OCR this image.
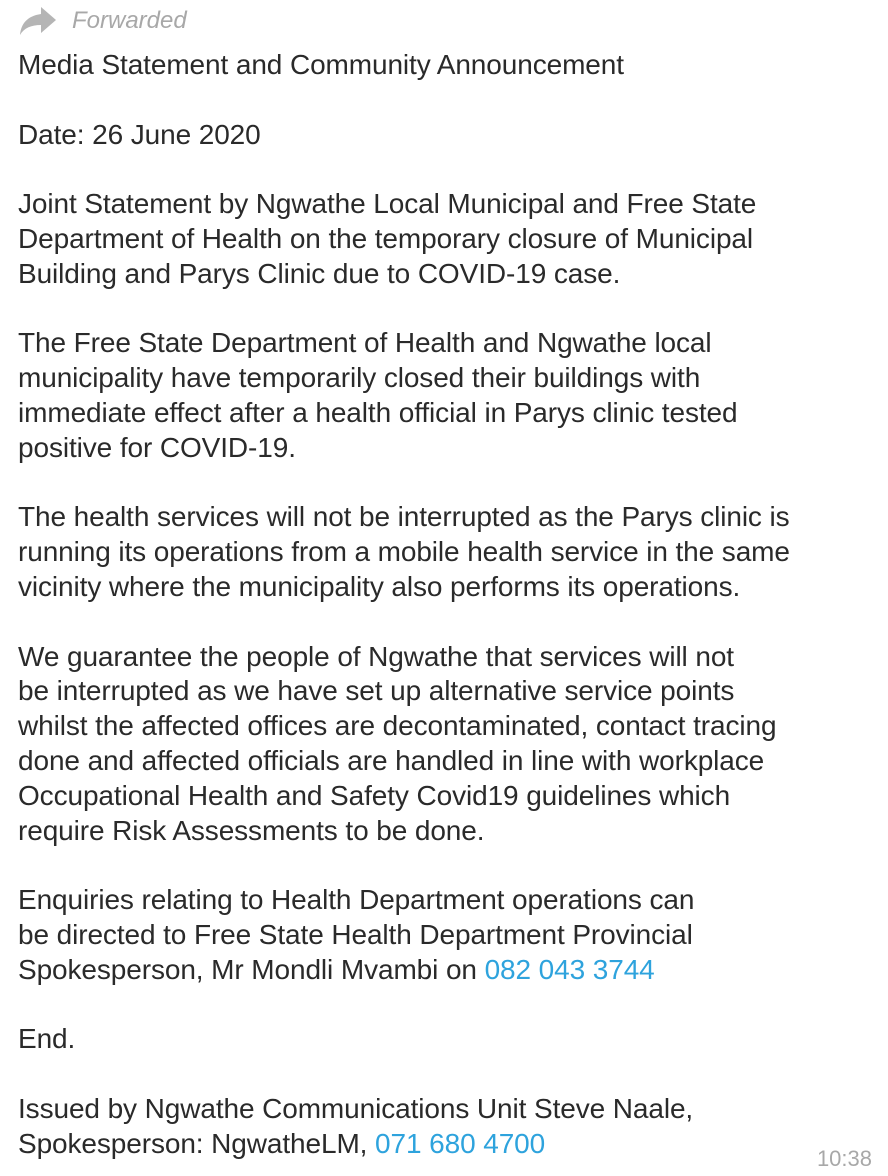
Forwarded

Media Statement and Community Announcement

Date: 26 June 2020

Joint Statement by Ngwathe Local Municipal and Free State
Department of Health on the temporary closure of Municipal
Building and Parys Clinic due to COVID-19 case.

The Free State Department of Health and Ngwathe local
municipality have temporarily closed their buildings with
immediate effect after a health official in Parys clinic tested
positive for COVID-19.

The health services will not be interrupted as the Parys clinic is
running its operations from a mobile health service in the same
vicinity where the municipality also performs its operations.

We guarantee the people of Ngwathe that services will not
be interrupted as we have set up alternative service points
whilst the affected offices are decontaminated, contact tracing
done and affected officials are handled in line with workplace
Occupational Health and Safety Covid19 guidelines which
require Risk Assessments to be done.

Enquiries relating to Health Department operations can
be directed to Free State Health Department Provincial
Spokesperson, Mr Mondli Mvambi on 082 043 3744

End.

Issued by Ngwathe Communications Unit Steve Naale,
Spokesperson: NgwatheLM, 071 680 4700	10:38
